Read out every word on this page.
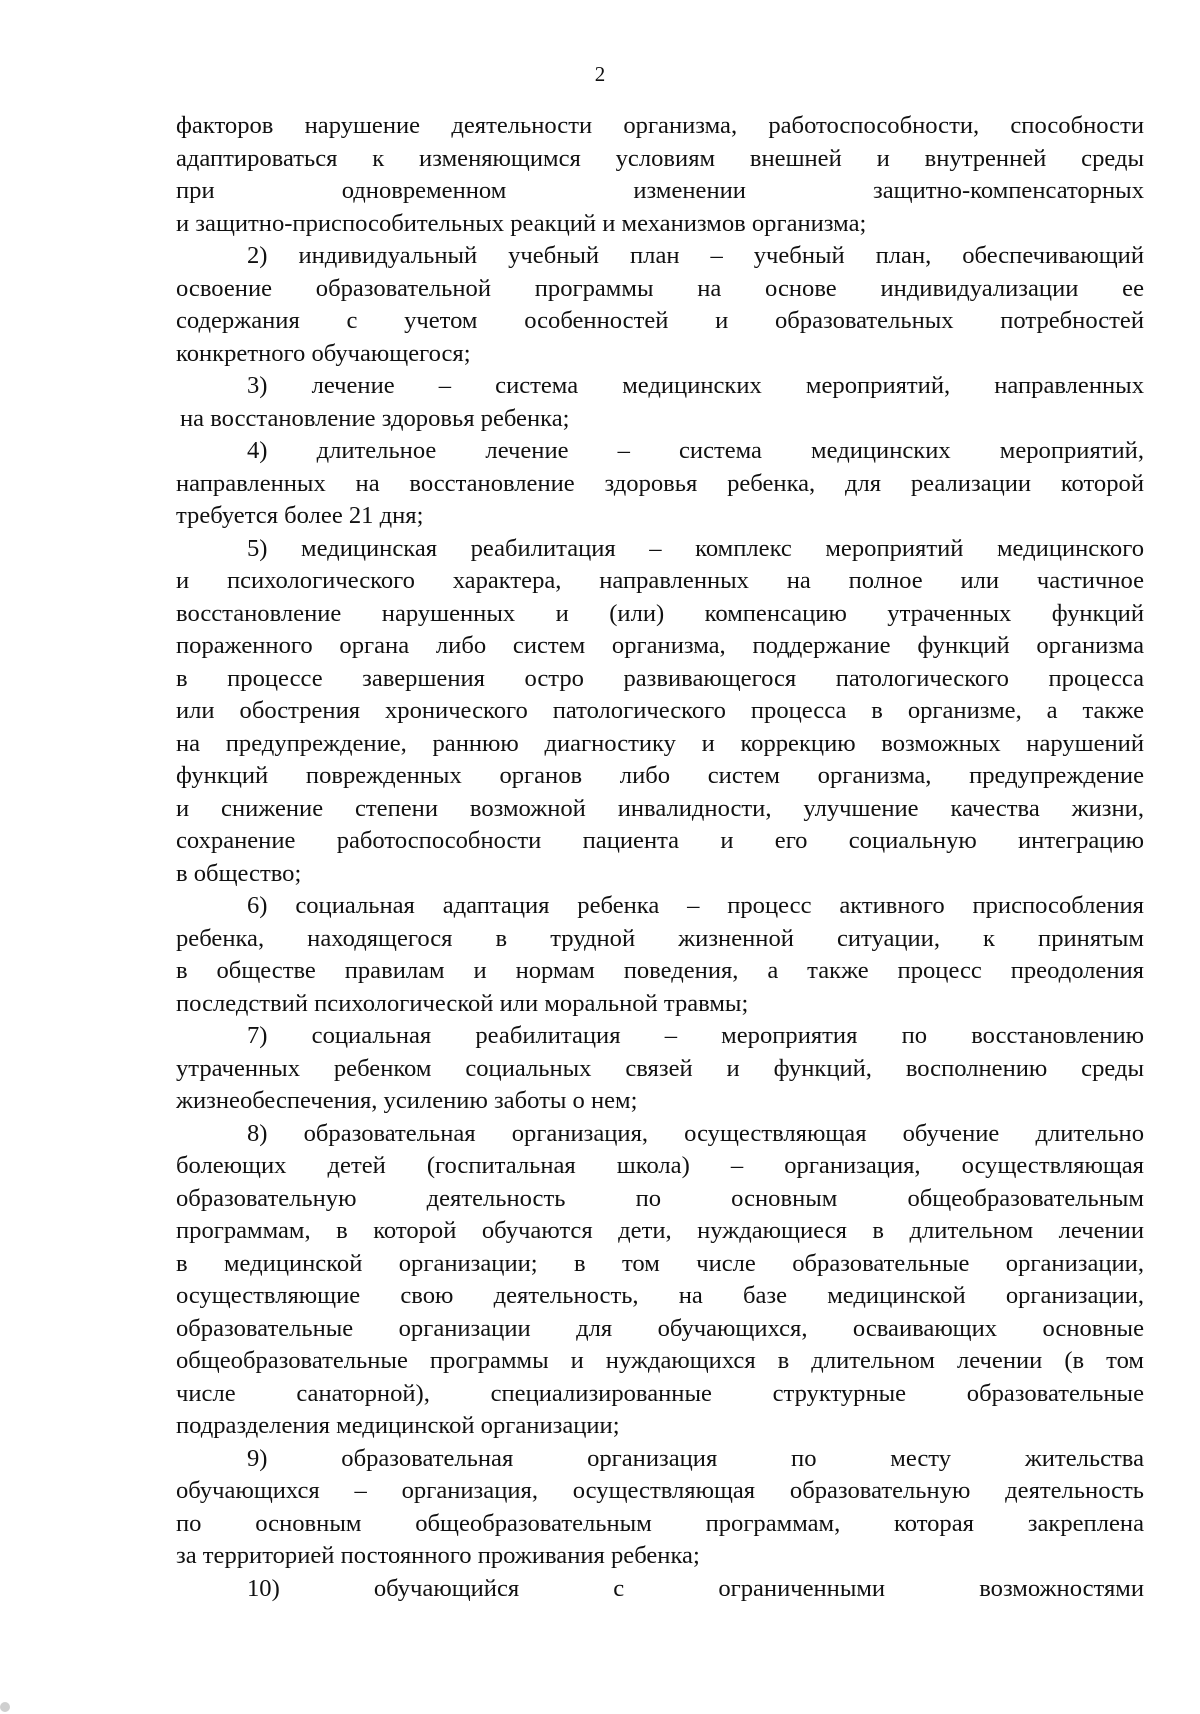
2
факторов нарушение деятельности организма, работоспособности, способности
адаптироваться к изменяющимся условиям внешней и внутренней среды
при одновременном изменении защитно-компенсаторных
и защитно-приспособительных реакций и механизмов организма;
2) индивидуальный учебный план – учебный план, обеспечивающий
освоение образовательной программы на основе индивидуализации ее
содержания с учетом особенностей и образовательных потребностей
конкретного обучающегося;
3) лечение – система медицинских мероприятий, направленных
на восстановление здоровья ребенка;
4) длительное лечение – система медицинских мероприятий,
направленных на восстановление здоровья ребенка, для реализации которой
требуется более 21 дня;
5) медицинская реабилитация – комплекс мероприятий медицинского
и психологического характера, направленных на полное или частичное
восстановление нарушенных и (или) компенсацию утраченных функций
пораженного органа либо систем организма, поддержание функций организма
в процессе завершения остро развивающегося патологического процесса
или обострения хронического патологического процесса в организме, а также
на предупреждение, раннюю диагностику и коррекцию возможных нарушений
функций поврежденных органов либо систем организма, предупреждение
и снижение степени возможной инвалидности, улучшение качества жизни,
сохранение работоспособности пациента и его социальную интеграцию
в общество;
6) социальная адаптация ребенка – процесс активного приспособления
ребенка, находящегося в трудной жизненной ситуации, к принятым
в обществе правилам и нормам поведения, а также процесс преодоления
последствий психологической или моральной травмы;
7) социальная реабилитация – мероприятия по восстановлению
утраченных ребенком социальных связей и функций, восполнению среды
жизнеобеспечения, усилению заботы о нем;
8) образовательная организация, осуществляющая обучение длительно
болеющих детей (госпитальная школа) – организация, осуществляющая
образовательную деятельность по основным общеобразовательным
программам, в которой обучаются дети, нуждающиеся в длительном лечении
в медицинской организации; в том числе образовательные организации,
осуществляющие свою деятельность, на базе медицинской организации,
образовательные организации для обучающихся, осваивающих основные
общеобразовательные программы и нуждающихся в длительном лечении (в том
числе санаторной), специализированные структурные образовательные
подразделения медицинской организации;
9) образовательная организация по месту жительства
обучающихся – организация, осуществляющая образовательную деятельность
по основным общеобразовательным программам, которая закреплена
за территорией постоянного проживания ребенка;
10) обучающийся с ограниченными возможностями
